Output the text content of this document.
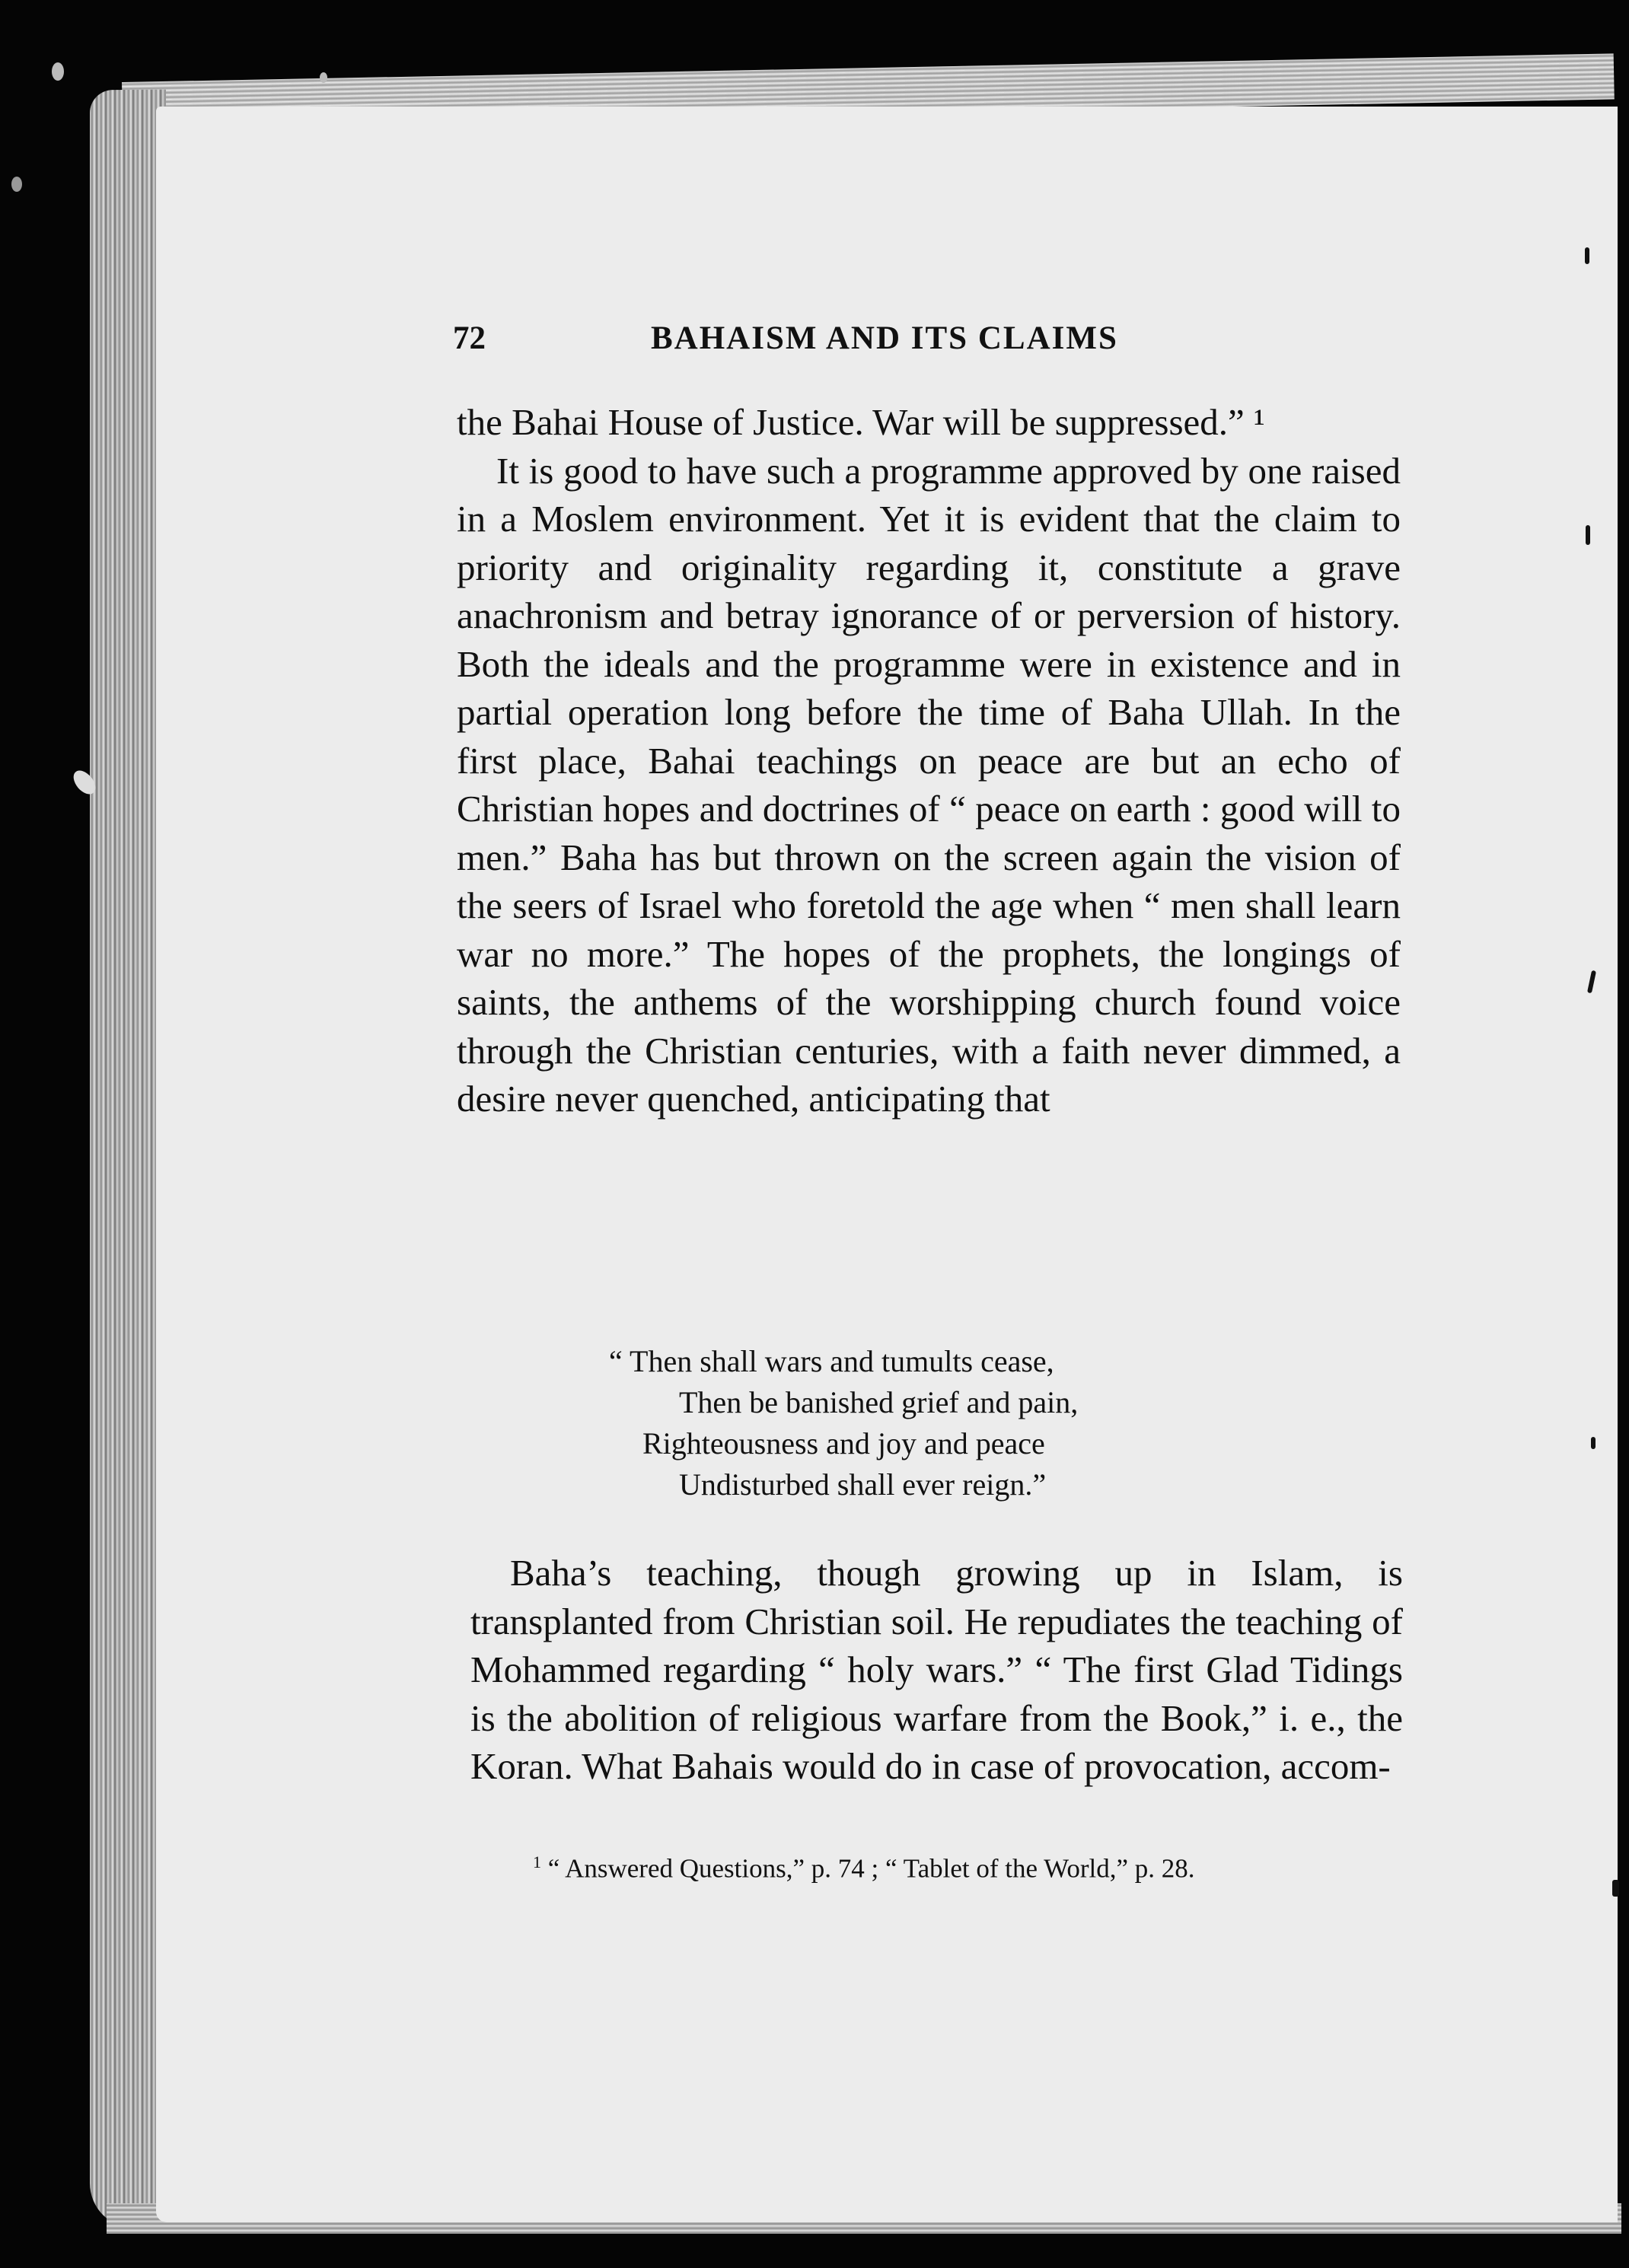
72	BAHAISM AND ITS CLAIMS

the Bahai House of Justice. War will be suppressed.” ¹

It is good to have such a programme approved by one raised in a Moslem environment. Yet it is evident that the claim to priority and originality regarding it, constitute a grave anachronism and betray ignorance of or perversion of history. Both the ideals and the programme were in existence and in partial operation long before the time of Baha Ullah. In the first place, Bahai teachings on peace are but an echo of Christian hopes and doctrines of “ peace on earth : good will to men.” Baha has but thrown on the screen again the vision of the seers of Israel who foretold the age when “ men shall learn war no more.” The hopes of the prophets, the longings of saints, the anthems of the worshipping church found voice through the Christian centuries, with a faith never dimmed, a desire never quenched, anticipating that

“ Then shall wars and tumults cease,
Then be banished grief and pain,
Righteousness and joy and peace
Undisturbed shall ever reign.”

Baha’s teaching, though growing up in Islam, is transplanted from Christian soil. He repudiates the teaching of Mohammed regarding “ holy wars.” “ The first Glad Tidings is the abolition of religious warfare from the Book,” i. e., the Koran. What Bahais would do in case of provocation, accom-

$^1$ “ Answered Questions,” p. 74 ; “ Tablet of the World,” p. 28.
